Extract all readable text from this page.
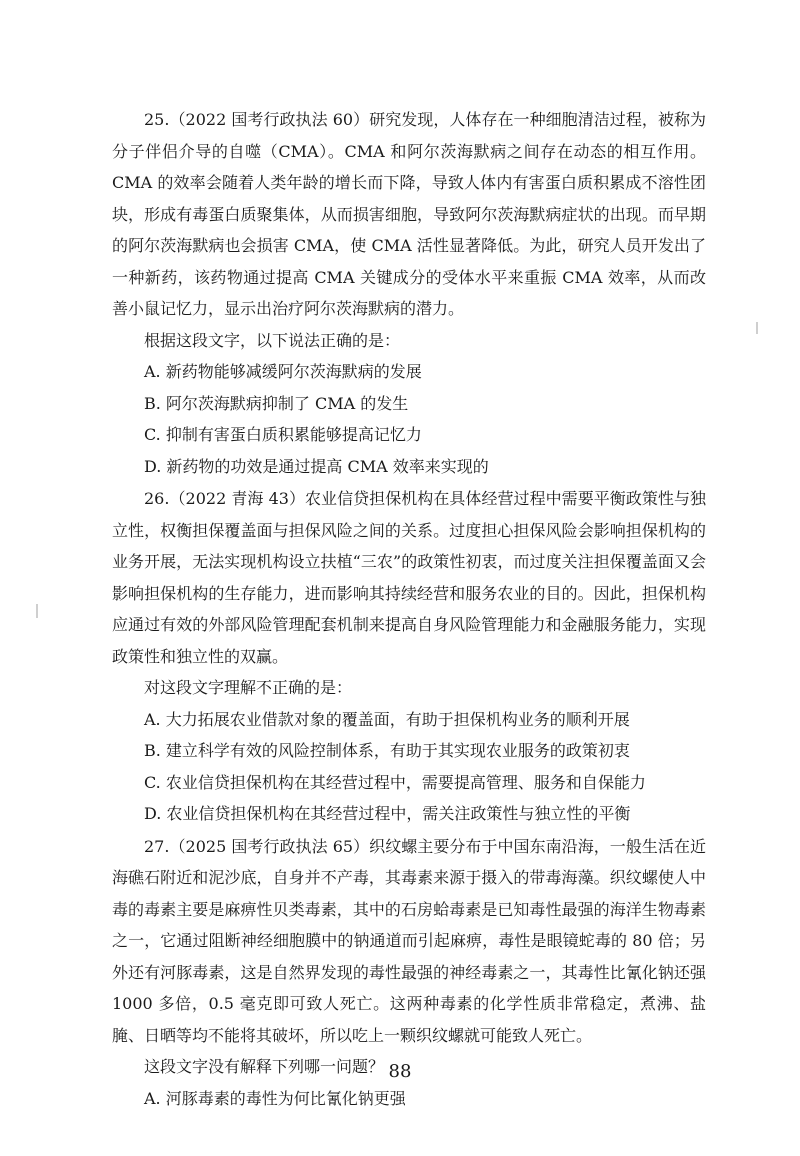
25.（2022 国考行政执法 60）研究发现，人体存在一种细胞清洁过程，被称为分子伴侣介导的自噬（CMA）。CMA 和阿尔茨海默病之间存在动态的相互作用。CMA 的效率会随着人类年龄的增长而下降，导致人体内有害蛋白质积累成不溶性团块，形成有毒蛋白质聚集体，从而损害细胞，导致阿尔茨海默病症状的出现。而早期的阿尔茨海默病也会损害 CMA，使 CMA 活性显著降低。为此，研究人员开发出了一种新药，该药物通过提高 CMA 关键成分的受体水平来重振 CMA 效率，从而改善小鼠记忆力，显示出治疗阿尔茨海默病的潜力。

根据这段文字，以下说法正确的是：

A. 新药物能够减缓阿尔茨海默病的发展

B. 阿尔茨海默病抑制了 CMA 的发生

C. 抑制有害蛋白质积累能够提高记忆力

D. 新药物的功效是通过提高 CMA 效率来实现的

26.（2022 青海 43）农业信贷担保机构在具体经营过程中需要平衡政策性与独立性，权衡担保覆盖面与担保风险之间的关系。过度担心担保风险会影响担保机构的业务开展，无法实现机构设立扶植“三农”的政策性初衷，而过度关注担保覆盖面又会影响担保机构的生存能力，进而影响其持续经营和服务农业的目的。因此，担保机构应通过有效的外部风险管理配套机制来提高自身风险管理能力和金融服务能力，实现政策性和独立性的双赢。

对这段文字理解不正确的是：

A. 大力拓展农业借款对象的覆盖面，有助于担保机构业务的顺利开展

B. 建立科学有效的风险控制体系，有助于其实现农业服务的政策初衷

C. 农业信贷担保机构在其经营过程中，需要提高管理、服务和自保能力

D. 农业信贷担保机构在其经营过程中，需关注政策性与独立性的平衡

27.（2025 国考行政执法 65）织纹螺主要分布于中国东南沿海，一般生活在近海礁石附近和泥沙底，自身并不产毒，其毒素来源于摄入的带毒海藻。织纹螺使人中毒的毒素主要是麻痹性贝类毒素，其中的石房蛤毒素是已知毒性最强的海洋生物毒素之一，它通过阻断神经细胞膜中的钠通道而引起麻痹，毒性是眼镜蛇毒的 80 倍；另外还有河豚毒素，这是自然界发现的毒性最强的神经毒素之一，其毒性比氰化钠还强 1000 多倍，0.5 毫克即可致人死亡。这两种毒素的化学性质非常稳定，煮沸、盐腌、日晒等均不能将其破坏，所以吃上一颗织纹螺就可能致人死亡。

这段文字没有解释下列哪一问题？

A. 河豚毒素的毒性为何比氰化钠更强

88
